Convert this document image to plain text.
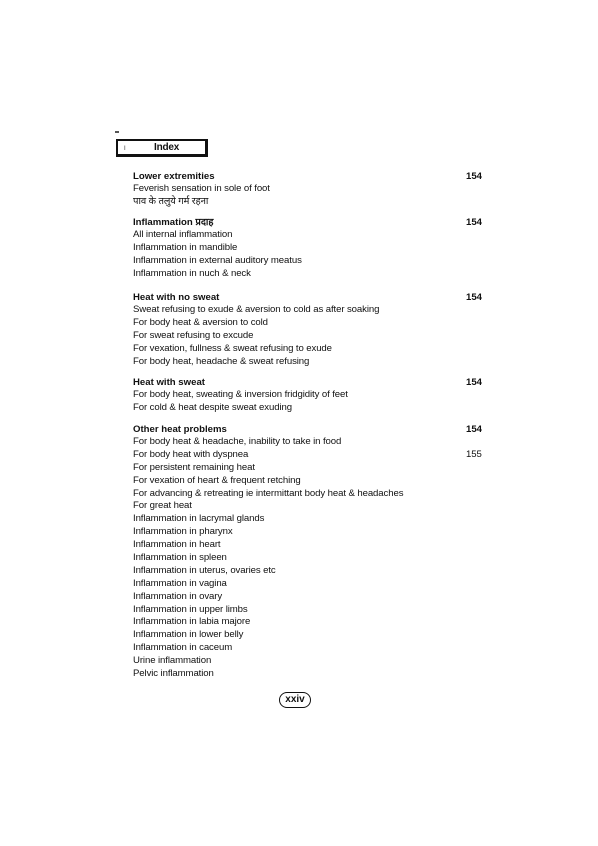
I	Index
Lower extremities	154
Feverish sensation in sole of foot
पाव के तलुये गर्म रहना
Inflammation प्रदाह	154
All internal inflammation
Inflammation in mandible
Inflammation in external auditory meatus
Inflammation in nuch & neck
Heat with no sweat	154
Sweat refusing to exude & aversion to cold as after soaking
For body heat & aversion to cold
For sweat refusing to excude
For vexation, fullness & sweat refusing to exude
For body heat, headache & sweat refusing
Heat with sweat	154
For body heat, sweating & inversion fridgidity of feet
For cold & heat despite sweat exuding
Other heat problems	154
For body heat & headache, inability to take in food
For body heat with dyspnea	155
For persistent remaining heat
For vexation of heart & frequent retching
For advancing & retreating ie intermittant body heat & headaches
For great heat
Inflammation in lacrymal glands
Inflammation in pharynx
Inflammation in heart
Inflammation in spleen
Inflammation in uterus, ovaries etc
Inflammation in vagina
Inflammation in ovary
Inflammation in upper limbs
Inflammation in labia majore
Inflammation in lower belly
Inflammation in caceum
Urine inflammation
Pelvic inflammation
xxiv
